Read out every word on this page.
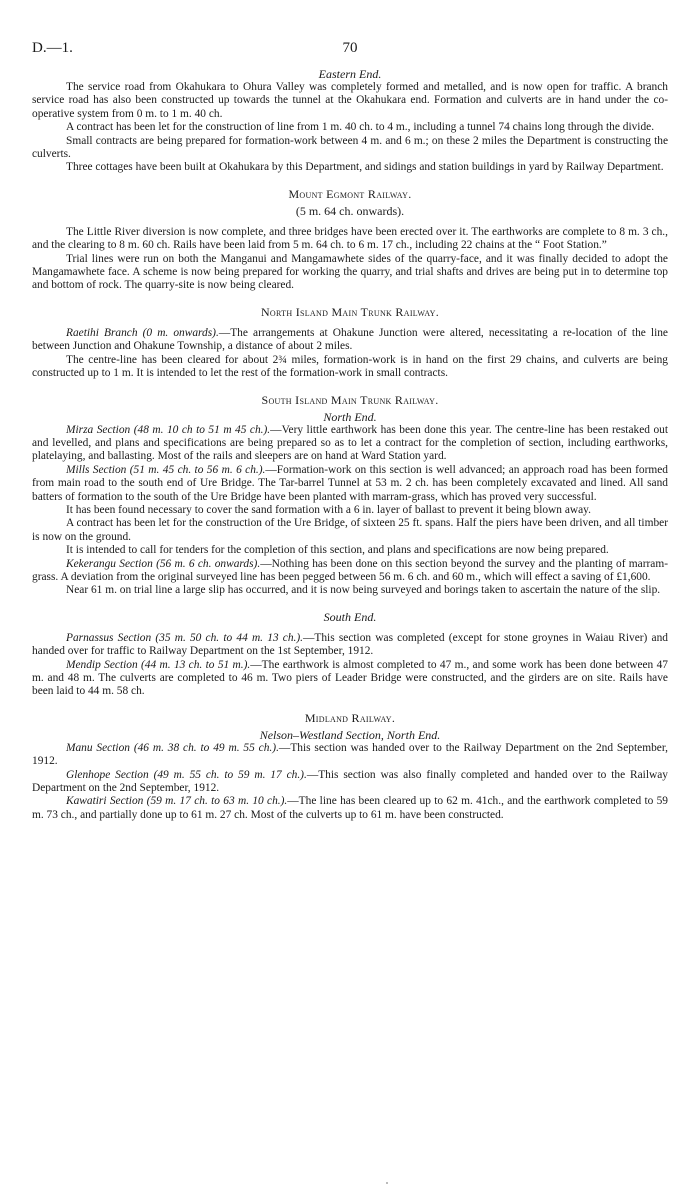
D.—1.	70
Eastern End.

The service road from Okahukara to Ohura Valley was completely formed and metalled, and is now open for traffic. A branch service road has also been constructed up towards the tunnel at the Okahukara end. Formation and culverts are in hand under the co-operative system from 0 m. to 1 m. 40 ch.

A contract has been let for the construction of line from 1 m. 40 ch. to 4 m., including a tunnel 74 chains long through the divide.

Small contracts are being prepared for formation-work between 4 m. and 6 m.; on these 2 miles the Department is constructing the culverts.

Three cottages have been built at Okahukara by this Department, and sidings and station buildings in yard by Railway Department.

Mount Egmont Railway.
(5 m. 64 ch. onwards).

The Little River diversion is now complete, and three bridges have been erected over it. The earthworks are complete to 8 m. 3 ch., and the clearing to 8 m. 60 ch. Rails have been laid from 5 m. 64 ch. to 6 m. 17 ch., including 22 chains at the “ Foot Station.”

Trial lines were run on both the Manganui and Mangamawhete sides of the quarry-face, and it was finally decided to adopt the Mangamawhete face. A scheme is now being prepared for working the quarry, and trial shafts and drives are being put in to determine top and bottom of rock. The quarry-site is now being cleared.

North Island Main Trunk Railway.

Raetihi Branch (0 m. onwards).—The arrangements at Ohakune Junction were altered, necessitating a re-location of the line between Junction and Ohakune Township, a distance of about 2 miles.

The centre-line has been cleared for about 2¾ miles, formation-work is in hand on the first 29 chains, and culverts are being constructed up to 1 m. It is intended to let the rest of the formation-work in small contracts.

South Island Main Trunk Railway.
North End.

Mirza Section (48 m. 10 ch to 51 m 45 ch.).—Very little earthwork has been done this year. The centre-line has been restaked out and levelled, and plans and specifications are being prepared so as to let a contract for the completion of section, including earthworks, platelaying, and ballasting. Most of the rails and sleepers are on hand at Ward Station yard.

Mills Section (51 m. 45 ch. to 56 m. 6 ch.).—Formation-work on this section is well advanced; an approach road has been formed from main road to the south end of Ure Bridge. The Tar-barrel Tunnel at 53 m. 2 ch. has been completely excavated and lined. All sand batters of formation to the south of the Ure Bridge have been planted with marram-grass, which has proved very successful.

It has been found necessary to cover the sand formation with a 6 in. layer of ballast to prevent it being blown away.

A contract has been let for the construction of the Ure Bridge, of sixteen 25 ft. spans. Half the piers have been driven, and all timber is now on the ground.

It is intended to call for tenders for the completion of this section, and plans and specifications are now being prepared.

Kekerangu Section (56 m. 6 ch. onwards).—Nothing has been done on this section beyond the survey and the planting of marram-grass. A deviation from the original surveyed line has been pegged between 56 m. 6 ch. and 60 m., which will effect a saving of £1,600.

Near 61 m. on trial line a large slip has occurred, and it is now being surveyed and borings taken to ascertain the nature of the slip.

South End.

Parnassus Section (35 m. 50 ch. to 44 m. 13 ch.).—This section was completed (except for stone groynes in Waiau River) and handed over for traffic to Railway Department on the 1st September, 1912.

Mendip Section (44 m. 13 ch. to 51 m.).—The earthwork is almost completed to 47 m., and some work has been done between 47 m. and 48 m. The culverts are completed to 46 m. Two piers of Leader Bridge were constructed, and the girders are on site. Rails have been laid to 44 m. 58 ch.

Midland Railway.
Nelson–Westland Section, North End.

Manu Section (46 m. 38 ch. to 49 m. 55 ch.).—This section was handed over to the Railway Department on the 2nd September, 1912.

Glenhope Section (49 m. 55 ch. to 59 m. 17 ch.).—This section was also finally completed and handed over to the Railway Department on the 2nd September, 1912.

Kawatiri Section (59 m. 17 ch. to 63 m. 10 ch.).—The line has been cleared up to 62 m. 41ch., and the earthwork completed to 59 m. 73 ch., and partially done up to 61 m. 27 ch. Most of the culverts up to 61 m. have been constructed.
